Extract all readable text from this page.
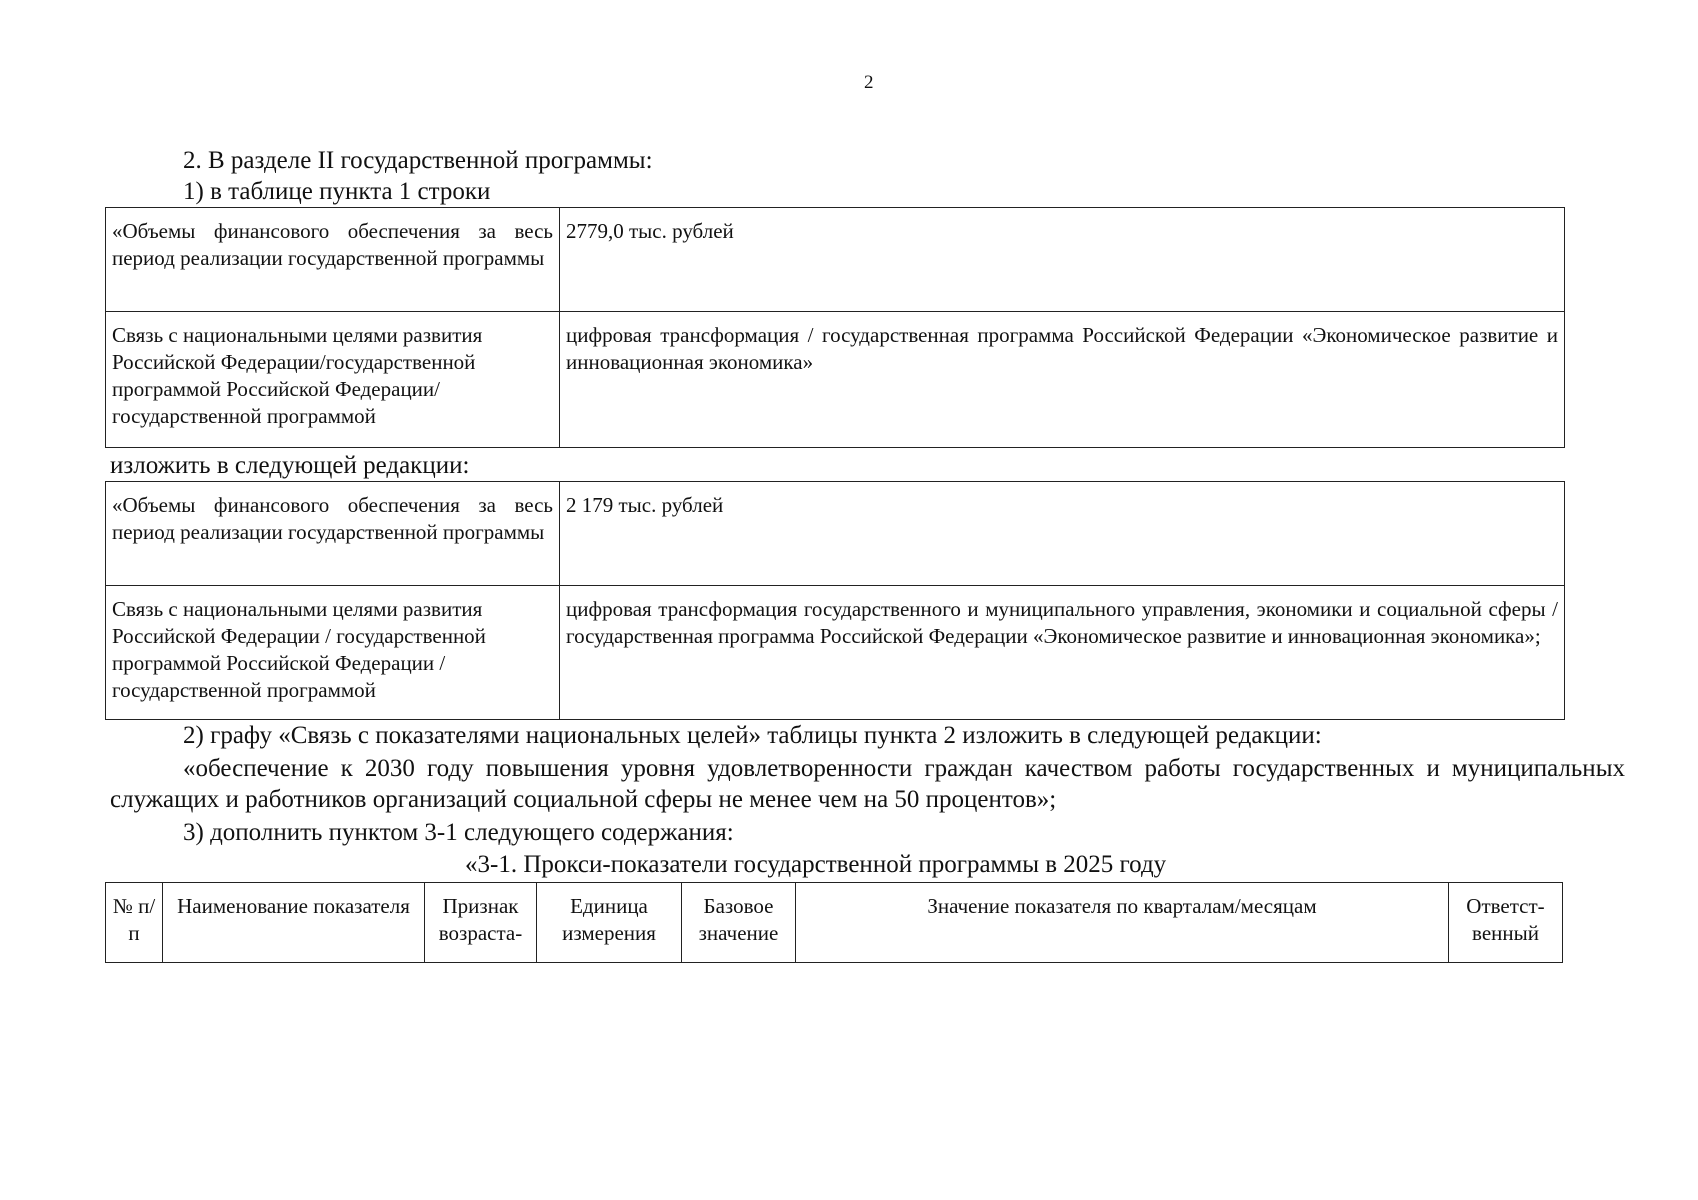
2
2. В разделе II государственной программы:
1) в таблице пункта 1 строки
«Объемы финансового обеспечения за весь период реализации государственной программы	2779,0 тыс. рублей
Связь с национальными целями развития Российской Федерации/государственной программой Российской Федерации/государственной программой	цифровая трансформация / государственная программа Российской Федерации «Экономическое развитие и инновационная экономика»
изложить в следующей редакции:
«Объемы финансового обеспечения за весь период реализации государственной программы	2 179 тыс. рублей
Связь с национальными целями развития Российской Федерации / государственной программой Российской Федерации / государственной программой	цифровая трансформация государственного и муниципального управления, экономики и социальной сферы / государственная программа Российской Федерации «Экономическое развитие и инновационная экономика»;
2) графу «Связь с показателями национальных целей» таблицы пункта 2 изложить в следующей редакции:
«обеспечение к 2030 году повышения уровня удовлетворенности граждан качеством работы государственных и муниципальных служащих и работников организаций социальной сферы не менее чем на 50 процентов»;
3) дополнить пунктом 3-1 следующего содержания:
«3-1. Прокси-показатели государственной программы в 2025 году
№ п/п	Наименование показателя	Признак возраста-	Единица измерения	Базовое значение	Значение показателя по кварталам/месяцам	Ответст- венный
